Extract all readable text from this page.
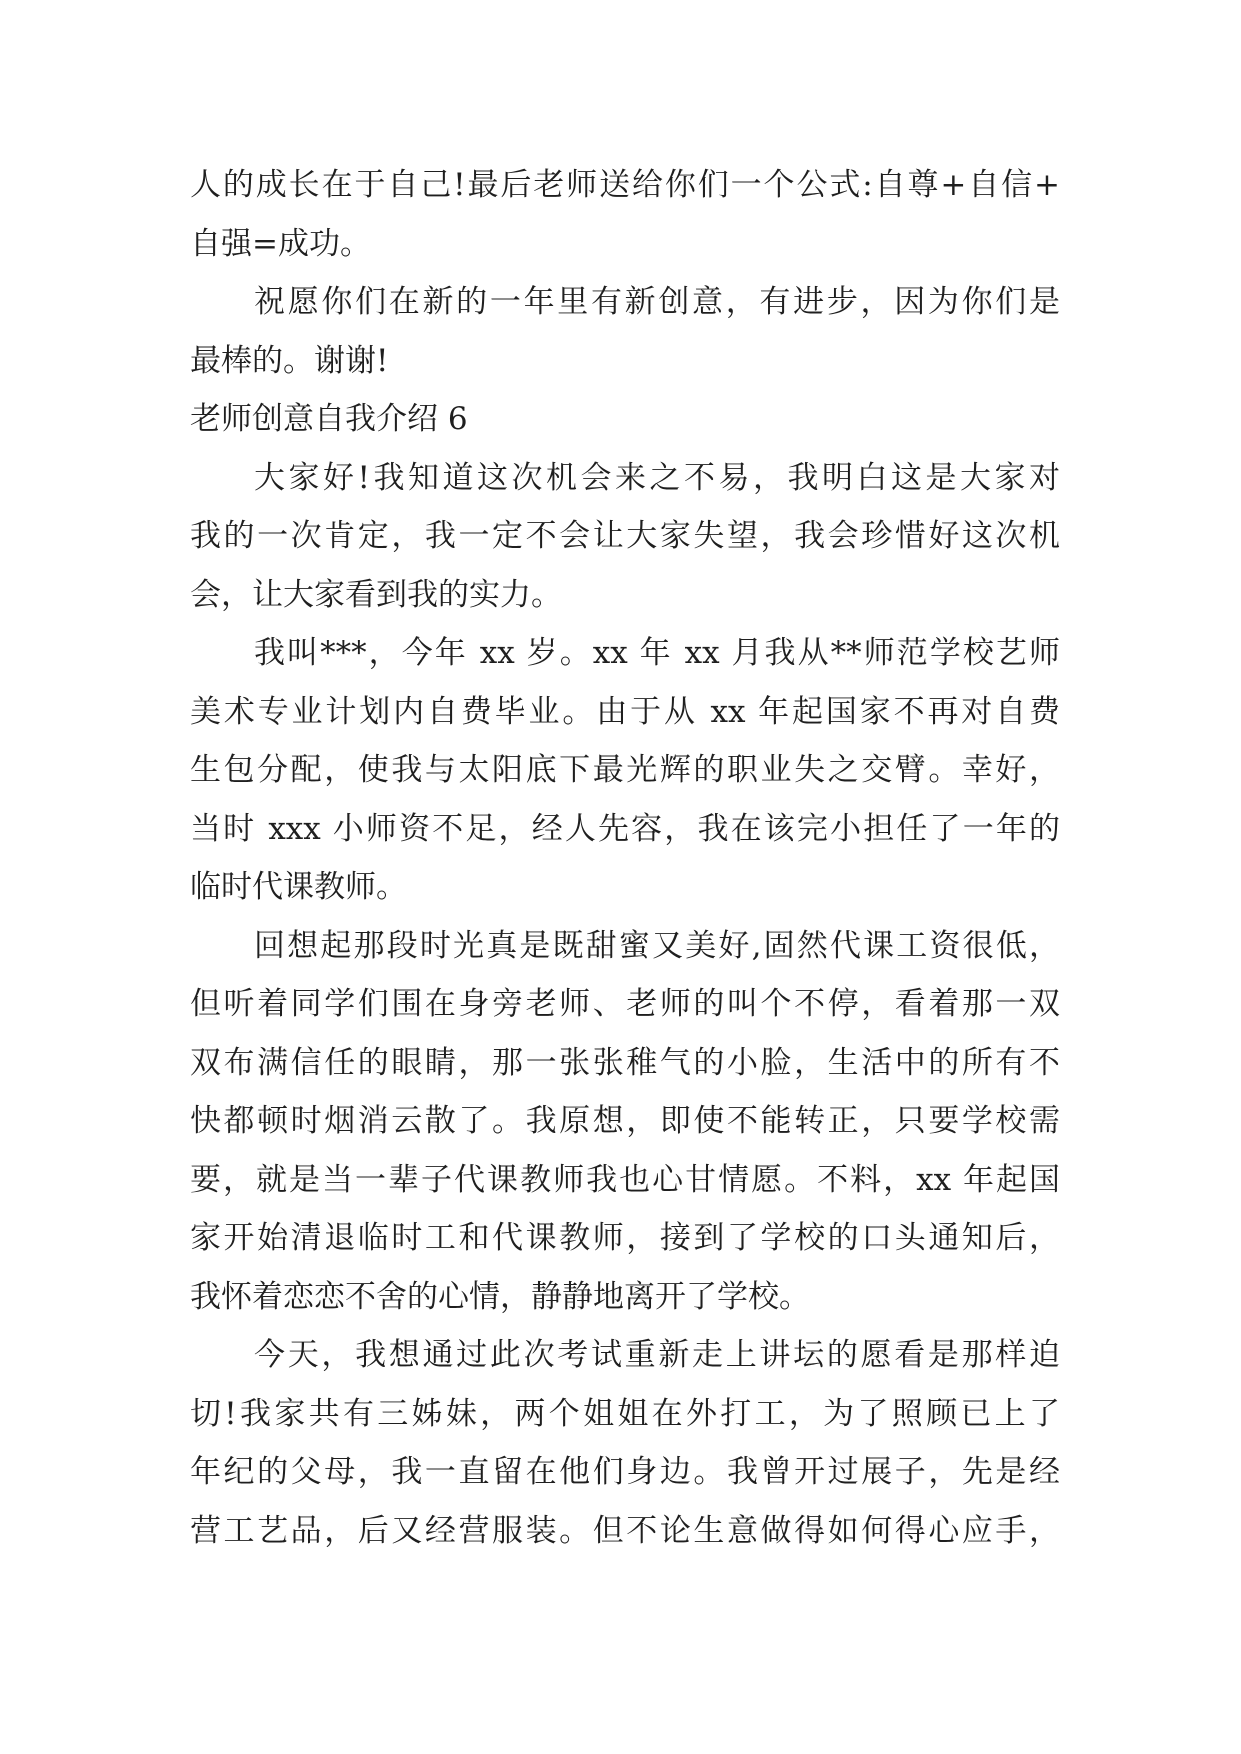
人的成长在于自己!最后老师送给你们一个公式:自尊+自信+
自强=成功。
祝愿你们在新的一年里有新创意，有进步，因为你们是
最棒的。谢谢!
老师创意自我介绍 6
大家好!我知道这次机会来之不易，我明白这是大家对
我的一次肯定，我一定不会让大家失望，我会珍惜好这次机
会，让大家看到我的实力。
我叫***，今年 xx 岁。xx 年 xx 月我从**师范学校艺师
美术专业计划内自费毕业。由于从 xx 年起国家不再对自费
生包分配，使我与太阳底下最光辉的职业失之交臂。幸好，
当时 xxx 小师资不足，经人先容，我在该完小担任了一年的
临时代课教师。
回想起那段时光真是既甜蜜又美好,固然代课工资很低，
但听着同学们围在身旁老师、老师的叫个不停，看着那一双
双布满信任的眼睛，那一张张稚气的小脸，生活中的所有不
快都顿时烟消云散了。我原想，即使不能转正，只要学校需
要，就是当一辈子代课教师我也心甘情愿。不料，xx 年起国
家开始清退临时工和代课教师，接到了学校的口头通知后，
我怀着恋恋不舍的心情，静静地离开了学校。
今天，我想通过此次考试重新走上讲坛的愿看是那样迫
切!我家共有三姊妹，两个姐姐在外打工，为了照顾已上了
年纪的父母，我一直留在他们身边。我曾开过展子，先是经
营工艺品，后又经营服装。但不论生意做得如何得心应手，
